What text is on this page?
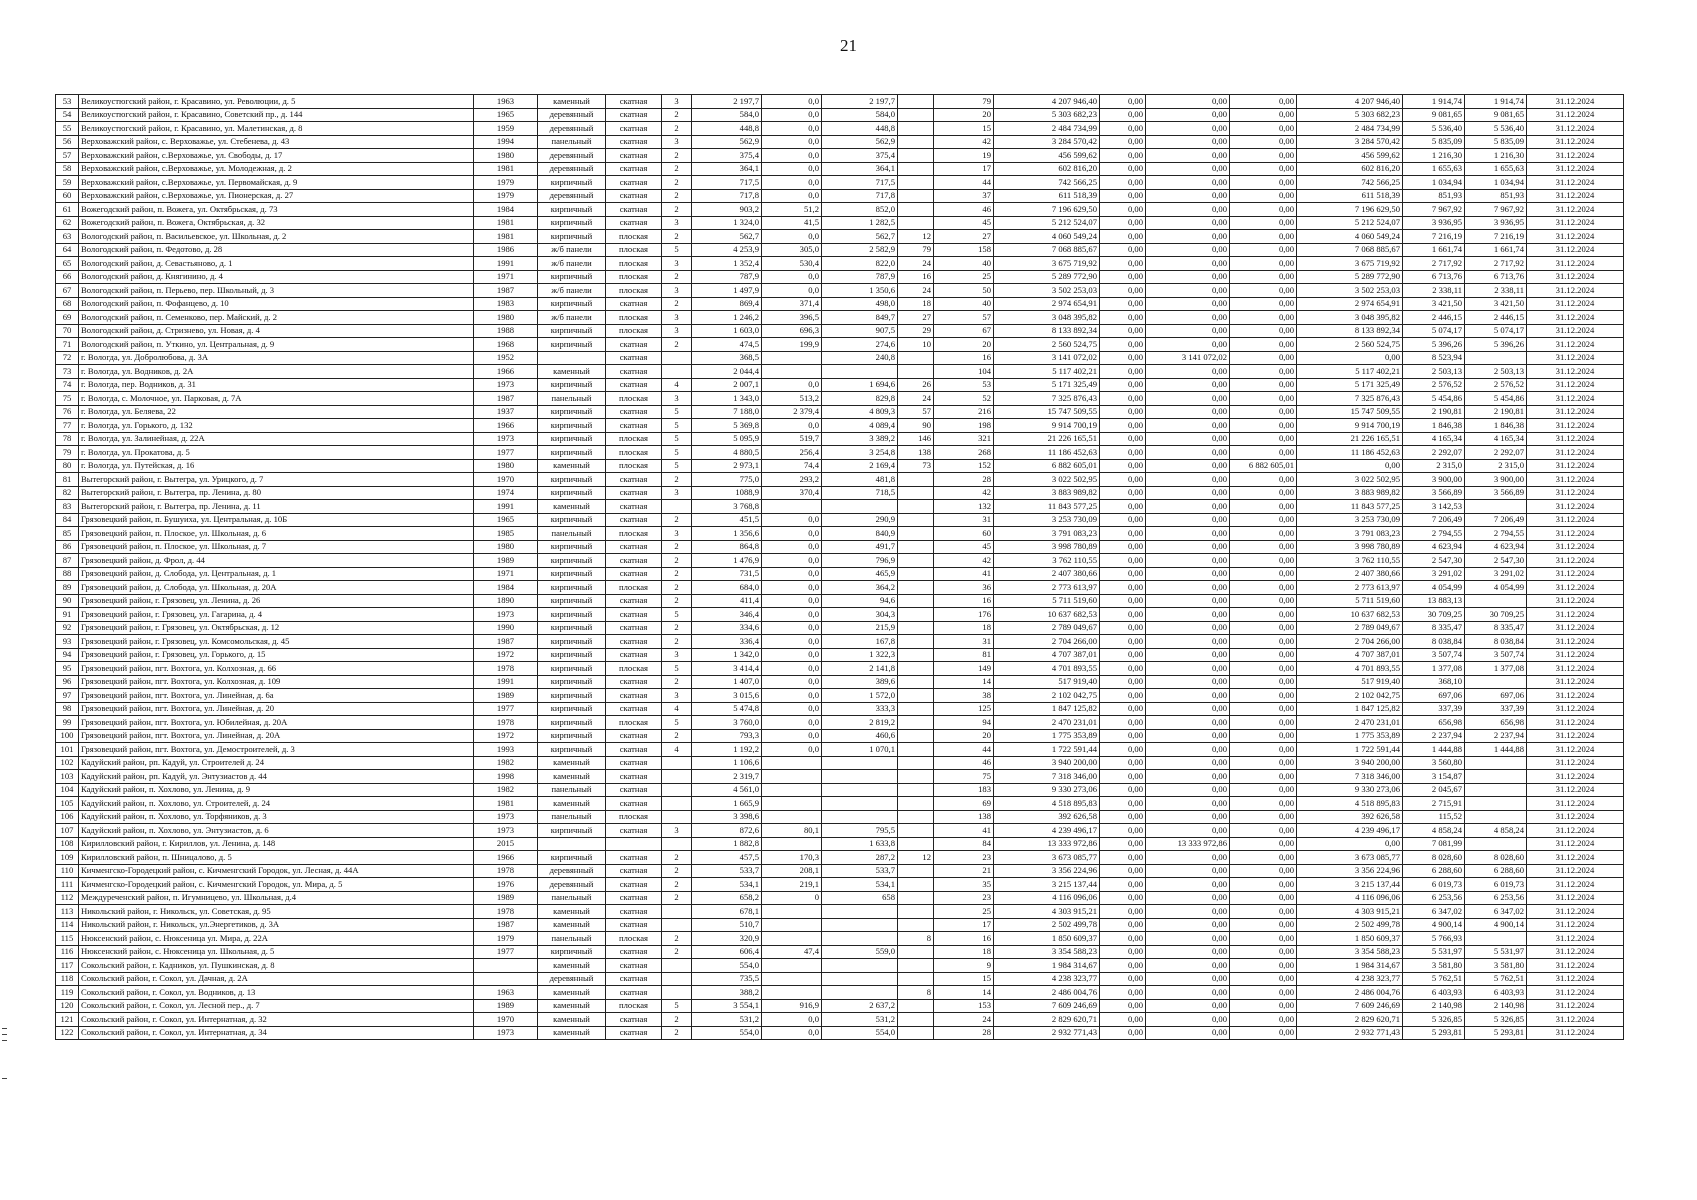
21
53	Великоустюгский район, г. Красавино, ул. Революции, д. 5	1963	каменный	скатная	3	2 197,7	0,0	2 197,7		79	4 207 946,40	0,00	0,00	0,00	4 207 946,40	1 914,74	1 914,74	31.12.2024
54	Великоустюгский район, г. Красавино, Советский пр., д. 144	1965	деревянный	скатная	2	584,0	0,0	584,0		20	5 303 682,23	0,00	0,00	0,00	5 303 682,23	9 081,65	9 081,65	31.12.2024
55	Великоустюгский район, г. Красавино, ул. Малетинская, д. 8	1959	деревянный	скатная	2	448,8	0,0	448,8		15	2 484 734,99	0,00	0,00	0,00	2 484 734,99	5 536,40	5 536,40	31.12.2024
56	Верховажский район, с. Верховажье, ул. Стебенева, д. 43	1994	панельный	скатная	3	562,9	0,0	562,9		42	3 284 570,42	0,00	0,00	0,00	3 284 570,42	5 835,09	5 835,09	31.12.2024
57	Верховажский район, с.Верховажье, ул. Свободы, д. 17	1980	деревянный	скатная	2	375,4	0,0	375,4		19	456 599,62	0,00	0,00	0,00	456 599,62	1 216,30	1 216,30	31.12.2024
58	Верховажский район, с.Верховажье, ул. Молодежная, д. 2	1981	деревянный	скатная	2	364,1	0,0	364,1		17	602 816,20	0,00	0,00	0,00	602 816,20	1 655,63	1 655,63	31.12.2024
59	Верховажский район, с.Верховажье, ул. Первомайская, д. 9	1979	кирпичный	скатная	2	717,5	0,0	717,5		44	742 566,25	0,00	0,00	0,00	742 566,25	1 034,94	1 034,94	31.12.2024
60	Верховажский район, с.Верховажье, ул. Пионерская, д. 27	1979	деревянный	скатная	2	717,8	0,0	717,8		37	611 518,39	0,00	0,00	0,00	611 518,39	851,93	851,93	31.12.2024
61	Вожегодский район, п. Вожега, ул. Октябрьская, д. 73	1984	кирпичный	скатная	2	903,2	51,2	852,0		46	7 196 629,50	0,00	0,00	0,00	7 196 629,50	7 967,92	7 967,92	31.12.2024
62	Вожегодский район, п. Вожега, Октябрьская, д. 32	1981	кирпичный	скатная	3	1 324,0	41,5	1 282,5		45	5 212 524,07	0,00	0,00	0,00	5 212 524,07	3 936,95	3 936,95	31.12.2024
63	Вологодский район, п. Васильевское, ул. Школьная, д. 2	1981	кирпичный	плоская	2	562,7	0,0	562,7	12	27	4 060 549,24	0,00	0,00	0,00	4 060 549,24	7 216,19	7 216,19	31.12.2024
64	Вологодский район, п. Федотово, д. 28	1986	ж/б панели	плоская	5	4 253,9	305,0	2 582,9	79	158	7 068 885,67	0,00	0,00	0,00	7 068 885,67	1 661,74	1 661,74	31.12.2024
65	Вологодский район, д. Севастьяново, д. 1	1991	ж/б панели	плоская	3	1 352,4	530,4	822,0	24	40	3 675 719,92	0,00	0,00	0,00	3 675 719,92	2 717,92	2 717,92	31.12.2024
66	Вологодский район, д. Княгинино, д. 4	1971	кирпичный	плоская	2	787,9	0,0	787,9	16	25	5 289 772,90	0,00	0,00	0,00	5 289 772,90	6 713,76	6 713,76	31.12.2024
67	Вологодский район, п. Перьево, пер. Школьный, д. 3	1987	ж/б панели	плоская	3	1 497,9	0,0	1 350,6	24	50	3 502 253,03	0,00	0,00	0,00	3 502 253,03	2 338,11	2 338,11	31.12.2024
68	Вологодский район, п. Фофанцево, д. 10	1983	кирпичный	скатная	2	869,4	371,4	498,0	18	40	2 974 654,91	0,00	0,00	0,00	2 974 654,91	3 421,50	3 421,50	31.12.2024
69	Вологодский район, п. Семенково, пер. Майский, д. 2	1980	ж/б панели	плоская	3	1 246,2	396,5	849,7	27	57	3 048 395,82	0,00	0,00	0,00	3 048 395,82	2 446,15	2 446,15	31.12.2024
70	Вологодский район, д. Стризнево, ул. Новая, д. 4	1988	кирпичный	плоская	3	1 603,0	696,3	907,5	29	67	8 133 892,34	0,00	0,00	0,00	8 133 892,34	5 074,17	5 074,17	31.12.2024
71	Вологодский район, п. Уткино, ул. Центральная, д. 9	1968	кирпичный	скатная	2	474,5	199,9	274,6	10	20	2 560 524,75	0,00	0,00	0,00	2 560 524,75	5 396,26	5 396,26	31.12.2024
72	г. Вологда, ул. Добролюбова, д. 3А	1952		скатная		368,5		240,8		16	3 141 072,02	0,00	3 141 072,02	0,00	0,00	8 523,94		31.12.2024
73	г. Вологда, ул. Водников, д. 2А	1966	каменный	скатная		2 044,4				104	5 117 402,21	0,00	0,00	0,00	5 117 402,21	2 503,13	2 503,13	31.12.2024
74	г. Вологда, пер. Водников, д. 31	1973	кирпичный	скатная	4	2 007,1	0,0	1 694,6	26	53	5 171 325,49	0,00	0,00	0,00	5 171 325,49	2 576,52	2 576,52	31.12.2024
75	г. Вологда, с. Молочное, ул. Парковая, д. 7А	1987	панельный	плоская	3	1 343,0	513,2	829,8	24	52	7 325 876,43	0,00	0,00	0,00	7 325 876,43	5 454,86	5 454,86	31.12.2024
76	г. Вологда, ул. Беляева, 22	1937	кирпичный	скатная	5	7 188,0	2 379,4	4 809,3	57	216	15 747 509,55	0,00	0,00	0,00	15 747 509,55	2 190,81	2 190,81	31.12.2024
77	г. Вологда, ул. Горького, д. 132	1966	кирпичный	скатная	5	5 369,8	0,0	4 089,4	90	198	9 914 700,19	0,00	0,00	0,00	9 914 700,19	1 846,38	1 846,38	31.12.2024
78	г. Вологда, ул. Залинейная, д. 22А	1973	кирпичный	плоская	5	5 095,9	519,7	3 389,2	146	321	21 226 165,51	0,00	0,00	0,00	21 226 165,51	4 165,34	4 165,34	31.12.2024
79	г. Вологда, ул. Прокатова, д. 5	1977	кирпичный	плоская	5	4 880,5	256,4	3 254,8	138	268	11 186 452,63	0,00	0,00	0,00	11 186 452,63	2 292,07	2 292,07	31.12.2024
80	г. Вологда, ул. Путейская, д. 16	1980	каменный	плоская	5	2 973,1	74,4	2 169,4	73	152	6 882 605,01	0,00	0,00	6 882 605,01	0,00	2 315,0	2 315,0	31.12.2024
81	Вытегорский район, г. Вытегра, ул. Урицкого, д. 7	1970	кирпичный	скатная	2	775,0	293,2	481,8		28	3 022 502,95	0,00	0,00	0,00	3 022 502,95	3 900,00	3 900,00	31.12.2024
82	Вытегорский район, г. Вытегра, пр. Ленина, д. 80	1974	кирпичный	скатная	3	1088,9	370,4	718,5		42	3 883 989,82	0,00	0,00	0,00	3 883 989,82	3 566,89	3 566,89	31.12.2024
83	Вытегорский район, г. Вытегра, пр. Ленина, д. 11	1991	каменный	скатная		3 768,8				132	11 843 577,25	0,00	0,00	0,00	11 843 577,25	3 142,53		31.12.2024
84	Грязовецкий район, п. Бушуиха, ул. Центральная, д. 10Б	1965	кирпичный	скатная	2	451,5	0,0	290,9		31	3 253 730,09	0,00	0,00	0,00	3 253 730,09	7 206,49	7 206,49	31.12.2024
85	Грязовецкий район, п. Плоское, ул. Школьная, д. 6	1985	панельный	плоская	3	1 356,6	0,0	840,9		60	3 791 083,23	0,00	0,00	0,00	3 791 083,23	2 794,55	2 794,55	31.12.2024
86	Грязовецкий район, п. Плоское, ул. Школьная, д. 7	1980	кирпичный	скатная	2	864,8	0,0	491,7		45	3 998 780,89	0,00	0,00	0,00	3 998 780,89	4 623,94	4 623,94	31.12.2024
87	Грязовецкий район, д. Фрол, д. 44	1989	кирпичный	скатная	2	1 476,9	0,0	796,9		42	3 762 110,55	0,00	0,00	0,00	3 762 110,55	2 547,30	2 547,30	31.12.2024
88	Грязовецкий район, д. Слобода, ул. Центральная, д. 1	1971	кирпичный	скатная	2	731,5	0,0	465,9		41	2 407 380,66	0,00	0,00	0,00	2 407 380,66	3 291,02	3 291,02	31.12.2024
89	Грязовецкий район, д. Слобода, ул. Школьная, д. 20А	1984	кирпичный	плоская	2	684,0	0,0	364,2		36	2 773 613,97	0,00	0,00	0,00	2 773 613,97	4 054,99	4 054,99	31.12.2024
90	Грязовецкий район, г. Грязовец, ул. Ленина, д. 26	1890	кирпичный	скатная	2	411,4	0,0	94,6		16	5 711 519,60	0,00	0,00	0,00	5 711 519,60	13 883,13		31.12.2024
91	Грязовецкий район, г. Грязовец, ул. Гагарина, д. 4	1973	кирпичный	скатная	5	346,4	0,0	304,3		176	10 637 682,53	0,00	0,00	0,00	10 637 682,53	30 709,25	30 709,25	31.12.2024
92	Грязовецкий район, г. Грязовец, ул. Октябрьская, д. 12	1990	кирпичный	скатная	2	334,6	0,0	215,9		18	2 789 049,67	0,00	0,00	0,00	2 789 049,67	8 335,47	8 335,47	31.12.2024
93	Грязовецкий район, г. Грязовец, ул. Комсомольская, д. 45	1987	кирпичный	скатная	2	336,4	0,0	167,8		31	2 704 266,00	0,00	0,00	0,00	2 704 266,00	8 038,84	8 038,84	31.12.2024
94	Грязовецкий район, г. Грязовец, ул. Горького, д. 15	1972	кирпичный	скатная	3	1 342,0	0,0	1 322,3		81	4 707 387,01	0,00	0,00	0,00	4 707 387,01	3 507,74	3 507,74	31.12.2024
95	Грязовецкий район, пгт. Вохтога, ул. Колхозная, д. 66	1978	кирпичный	плоская	5	3 414,4	0,0	2 141,8		149	4 701 893,55	0,00	0,00	0,00	4 701 893,55	1 377,08	1 377,08	31.12.2024
96	Грязовецкий район, пгт. Вохтога, ул. Колхозная, д. 109	1991	кирпичный	скатная	2	1 407,0	0,0	389,6		14	517 919,40	0,00	0,00	0,00	517 919,40	368,10		31.12.2024
97	Грязовецкий район, пгт. Вохтога, ул. Линейная, д. 6а	1989	кирпичный	скатная	3	3 015,6	0,0	1 572,0		38	2 102 042,75	0,00	0,00	0,00	2 102 042,75	697,06	697,06	31.12.2024
98	Грязовецкий район, пгт. Вохтога, ул. Линейная, д. 20	1977	кирпичный	скатная	4	5 474,8	0,0	333,3		125	1 847 125,82	0,00	0,00	0,00	1 847 125,82	337,39	337,39	31.12.2024
99	Грязовецкий район, пгт. Вохтога, ул. Юбилейная, д. 20А	1978	кирпичный	плоская	5	3 760,0	0,0	2 819,2		94	2 470 231,01	0,00	0,00	0,00	2 470 231,01	656,98	656,98	31.12.2024
100	Грязовецкий район, пгт. Вохтога, ул. Линейная, д. 20А	1972	кирпичный	скатная	2	793,3	0,0	460,6		20	1 775 353,89	0,00	0,00	0,00	1 775 353,89	2 237,94	2 237,94	31.12.2024
101	Грязовецкий район, пгт. Вохтога, ул. Демостроителей, д. 3	1993	кирпичный	скатная	4	1 192,2	0,0	1 070,1		44	1 722 591,44	0,00	0,00	0,00	1 722 591,44	1 444,88	1 444,88	31.12.2024
102	Кадуйский район, рп. Кадуй, ул. Строителей д. 24	1982	каменный	скатная		1 106,6				46	3 940 200,00	0,00	0,00	0,00	3 940 200,00	3 560,80		31.12.2024
103	Кадуйский район, рп. Кадуй, ул. Энтузиастов д. 44	1998	каменный	скатная		2 319,7				75	7 318 346,00	0,00	0,00	0,00	7 318 346,00	3 154,87		31.12.2024
104	Кадуйский район, п. Хохлово, ул. Ленина, д. 9	1982	панельный	скатная		4 561,0				183	9 330 273,06	0,00	0,00	0,00	9 330 273,06	2 045,67		31.12.2024
105	Кадуйский район, п. Хохлово, ул. Строителей, д. 24	1981	каменный	скатная		1 665,9				69	4 518 895,83	0,00	0,00	0,00	4 518 895,83	2 715,91		31.12.2024
106	Кадуйский район, п. Хохлово, ул. Торфяников, д. 3	1973	панельный	плоская		3 398,6				138	392 626,58	0,00	0,00	0,00	392 626,58	115,52		31.12.2024
107	Кадуйский район, п. Хохлово, ул. Энтузиастов, д. 6	1973	кирпичный	скатная	3	872,6	80,1	795,5		41	4 239 496,17	0,00	0,00	0,00	4 239 496,17	4 858,24	4 858,24	31.12.2024
108	Кирилловский район, г. Кириллов, ул. Ленина, д. 148	2015				1 882,8		1 633,8		84	13 333 972,86	0,00	13 333 972,86	0,00	0,00	7 081,99		31.12.2024
109	Кирилловский район, п. Шницалово, д. 5	1966	кирпичный	скатная	2	457,5	170,3	287,2	12	23	3 673 085,77	0,00	0,00	0,00	3 673 085,77	8 028,60	8 028,60	31.12.2024
110	Кичменгско-Городецкий район, с. Кичменгский Городок, ул. Лесная, д. 44А	1978	деревянный	скатная	2	533,7	208,1	533,7		21	3 356 224,96	0,00	0,00	0,00	3 356 224,96	6 288,60	6 288,60	31.12.2024
111	Кичменгско-Городецкий район, с. Кичменгский Городок, ул. Мира, д. 5	1976	деревянный	скатная	2	534,1	219,1	534,1		35	3 215 137,44	0,00	0,00	0,00	3 215 137,44	6 019,73	6 019,73	31.12.2024
112	Междуреченский район, п. Игумницево, ул. Школьная, д.4	1989	панельный	скатная	2	658,2	0	658		23	4 116 096,06	0,00	0,00	0,00	4 116 096,06	6 253,56	6 253,56	31.12.2024
113	Никольский район, г. Никольск, ул. Советская, д. 95	1978	каменный	скатная		678,1				25	4 303 915,21	0,00	0,00	0,00	4 303 915,21	6 347,02	6 347,02	31.12.2024
114	Никольский район, г. Никольск, ул.Энергетиков, д. 3А	1987	каменный	скатная		510,7				17	2 502 499,78	0,00	0,00	0,00	2 502 499,78	4 900,14	4 900,14	31.12.2024
115	Нюксенский район, с. Нюксеница ул. Мира, д. 22А	1979	панельный	плоская	2	320,9			8	16	1 850 609,37	0,00	0,00	0,00	1 850 609,37	5 766,93		31.12.2024
116	Нюксенский район, с. Нюксеница ул. Школьная, д. 5	1977	кирпичный	скатная	2	606,4	47,4	559,0		18	3 354 588,23	0,00	0,00	0,00	3 354 588,23	5 531,97	5 531,97	31.12.2024
117	Сокольский район, г. Кадников, ул. Пушкинская, д. 8		каменный	скатная		554,0				9	1 984 314,67	0,00	0,00	0,00	1 984 314,67	3 581,80	3 581,80	31.12.2024
118	Сокольский район, г. Сокол, ул. Дачная, д. 2А		деревянный	скатная		735,5				15	4 238 323,77	0,00	0,00	0,00	4 238 323,77	5 762,51	5 762,51	31.12.2024
119	Сокольский район, г. Сокол, ул. Водников, д. 13	1963	каменный	скатная		388,2			8	14	2 486 004,76	0,00	0,00	0,00	2 486 004,76	6 403,93	6 403,93	31.12.2024
120	Сокольский район, г. Сокол, ул. Лесной пер., д. 7	1989	каменный	плоская	5	3 554,1	916,9	2 637,2		153	7 609 246,69	0,00	0,00	0,00	7 609 246,69	2 140,98	2 140,98	31.12.2024
121	Сокольский район, г. Сокол, ул. Интернатная, д. 32	1970	каменный	скатная	2	531,2	0,0	531,2		24	2 829 620,71	0,00	0,00	0,00	2 829 620,71	5 326,85	5 326,85	31.12.2024
122	Сокольский район, г. Сокол, ул. Интернатная, д. 34	1973	каменный	скатная	2	554,0	0,0	554,0		28	2 932 771,43	0,00	0,00	0,00	2 932 771,43	5 293,81	5 293,81	31.12.2024
